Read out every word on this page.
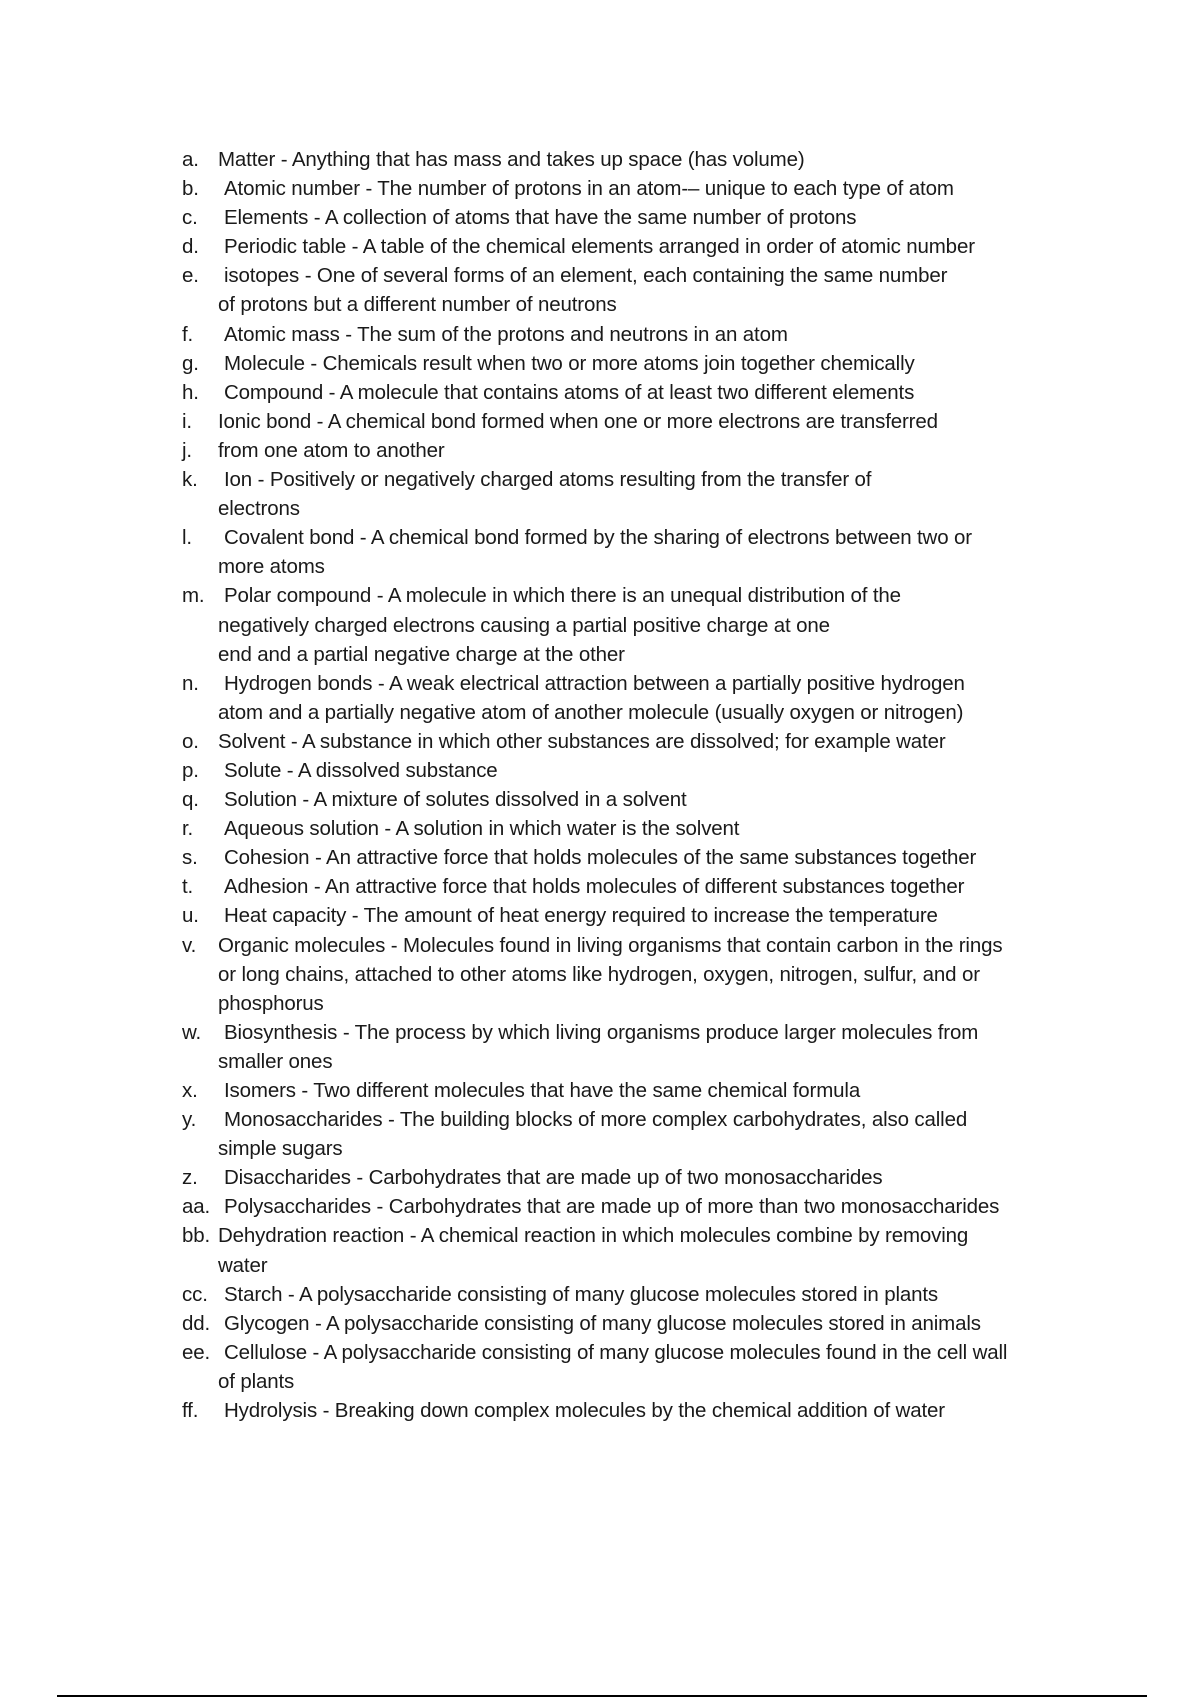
a. Matter - Anything that has mass and takes up space (has volume)
b. Atomic number - The number of protons in an atom-– unique to each type of atom
c. Elements - A collection of atoms that have the same number of protons
d. Periodic table - A table of the chemical elements arranged in order of atomic number
e. isotopes - One of several forms of an element, each containing the same number
of protons but a different number of neutrons
f. Atomic mass - The sum of the protons and neutrons in an atom
g. Molecule - Chemicals result when two or more atoms join together chemically
h. Compound - A molecule that contains atoms of at least two different elements
i. Ionic bond - A chemical bond formed when one or more electrons are transferred
j. from one atom to another
k. Ion - Positively or negatively charged atoms resulting from the transfer of
electrons
l. Covalent bond - A chemical bond formed by the sharing of electrons between two or
more atoms
m. Polar compound - A molecule in which there is an unequal distribution of the
negatively charged electrons causing a partial positive charge at one
end and a partial negative charge at the other
n. Hydrogen bonds - A weak electrical attraction between a partially positive hydrogen
atom and a partially negative atom of another molecule (usually oxygen or nitrogen)
o. Solvent - A substance in which other substances are dissolved; for example water
p. Solute - A dissolved substance
q. Solution - A mixture of solutes dissolved in a solvent
r. Aqueous solution - A solution in which water is the solvent
s. Cohesion - An attractive force that holds molecules of the same substances together
t. Adhesion - An attractive force that holds molecules of different substances together
u. Heat capacity - The amount of heat energy required to increase the temperature
v. Organic molecules - Molecules found in living organisms that contain carbon in the rings
or long chains, attached to other atoms like hydrogen, oxygen, nitrogen, sulfur, and or
phosphorus
w. Biosynthesis - The process by which living organisms produce larger molecules from
smaller ones
x. Isomers - Two different molecules that have the same chemical formula
y. Monosaccharides - The building blocks of more complex carbohydrates, also called
simple sugars
z. Disaccharides - Carbohydrates that are made up of two monosaccharides
aa. Polysaccharides - Carbohydrates that are made up of more than two monosaccharides
bb. Dehydration reaction - A chemical reaction in which molecules combine by removing
water
cc. Starch - A polysaccharide consisting of many glucose molecules stored in plants
dd. Glycogen - A polysaccharide consisting of many glucose molecules stored in animals
ee. Cellulose - A polysaccharide consisting of many glucose molecules found in the cell wall
of plants
ff. Hydrolysis - Breaking down complex molecules by the chemical addition of water
